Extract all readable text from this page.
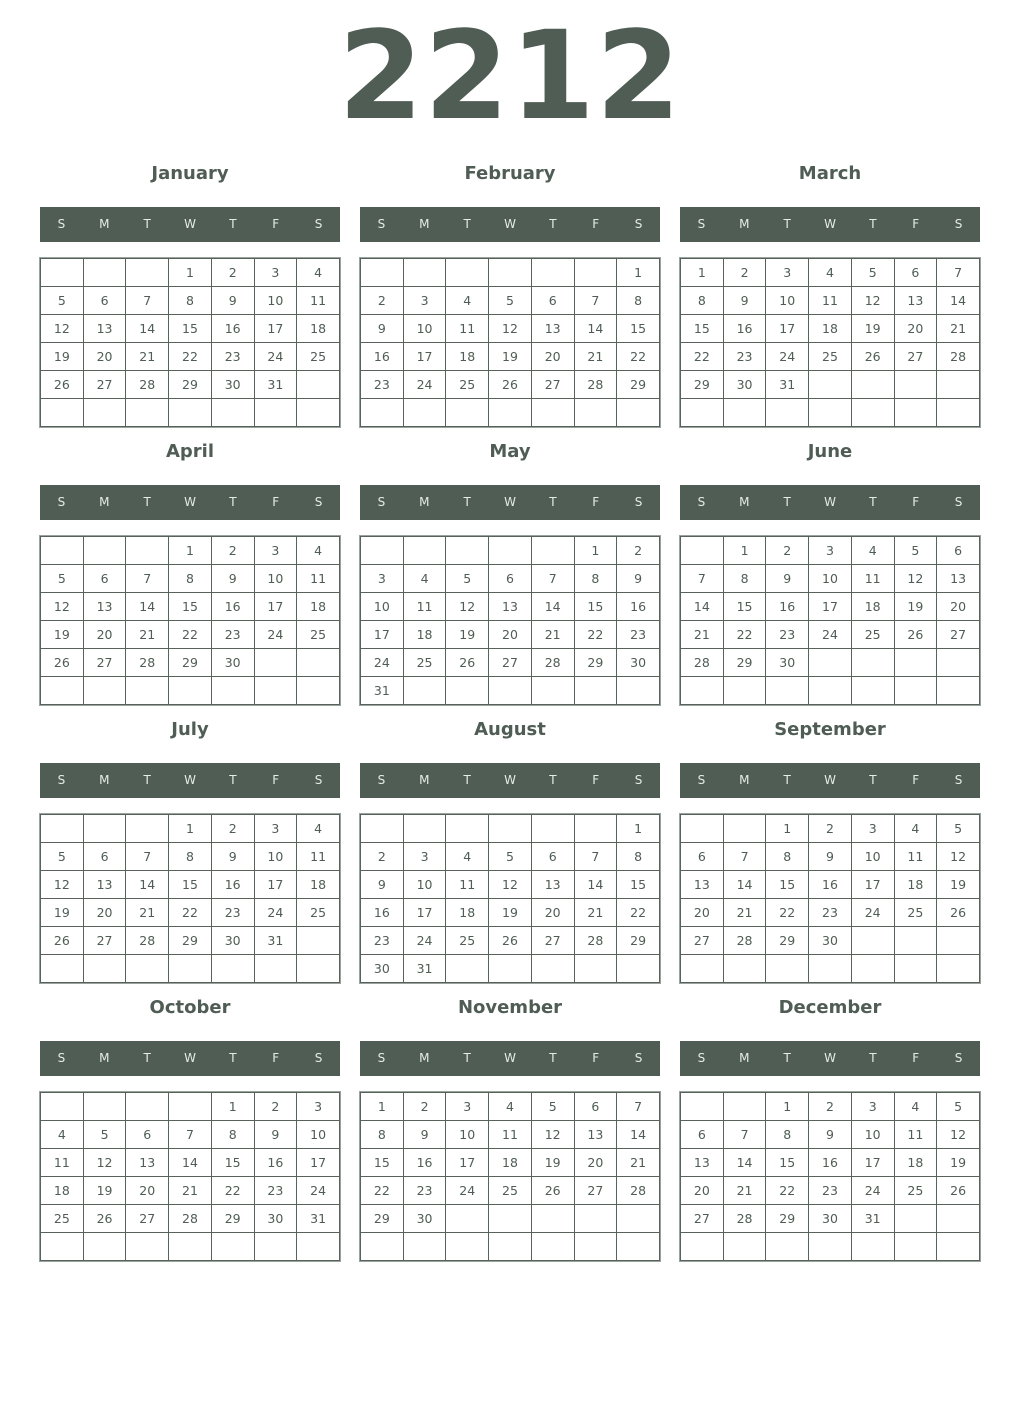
2212
January
S	M	T	W	T	F	S
			1	2	3	4
5	6	7	8	9	10	11
12	13	14	15	16	17	18
19	20	21	22	23	24	25
26	27	28	29	30	31	

February
S	M	T	W	T	F	S
						1
2	3	4	5	6	7	8
9	10	11	12	13	14	15
16	17	18	19	20	21	22
23	24	25	26	27	28	29

March
S	M	T	W	T	F	S
1	2	3	4	5	6	7
8	9	10	11	12	13	14
15	16	17	18	19	20	21
22	23	24	25	26	27	28
29	30	31				

April
S	M	T	W	T	F	S
			1	2	3	4
5	6	7	8	9	10	11
12	13	14	15	16	17	18
19	20	21	22	23	24	25
26	27	28	29	30		

May
S	M	T	W	T	F	S
					1	2
3	4	5	6	7	8	9
10	11	12	13	14	15	16
17	18	19	20	21	22	23
24	25	26	27	28	29	30
31						
June
S	M	T	W	T	F	S
	1	2	3	4	5	6
7	8	9	10	11	12	13
14	15	16	17	18	19	20
21	22	23	24	25	26	27
28	29	30				

July
S	M	T	W	T	F	S
			1	2	3	4
5	6	7	8	9	10	11
12	13	14	15	16	17	18
19	20	21	22	23	24	25
26	27	28	29	30	31	

August
S	M	T	W	T	F	S
						1
2	3	4	5	6	7	8
9	10	11	12	13	14	15
16	17	18	19	20	21	22
23	24	25	26	27	28	29
30	31					
September
S	M	T	W	T	F	S
		1	2	3	4	5
6	7	8	9	10	11	12
13	14	15	16	17	18	19
20	21	22	23	24	25	26
27	28	29	30			

October
S	M	T	W	T	F	S
				1	2	3
4	5	6	7	8	9	10
11	12	13	14	15	16	17
18	19	20	21	22	23	24
25	26	27	28	29	30	31

November
S	M	T	W	T	F	S
1	2	3	4	5	6	7
8	9	10	11	12	13	14
15	16	17	18	19	20	21
22	23	24	25	26	27	28
29	30					

December
S	M	T	W	T	F	S
		1	2	3	4	5
6	7	8	9	10	11	12
13	14	15	16	17	18	19
20	21	22	23	24	25	26
27	28	29	30	31		
